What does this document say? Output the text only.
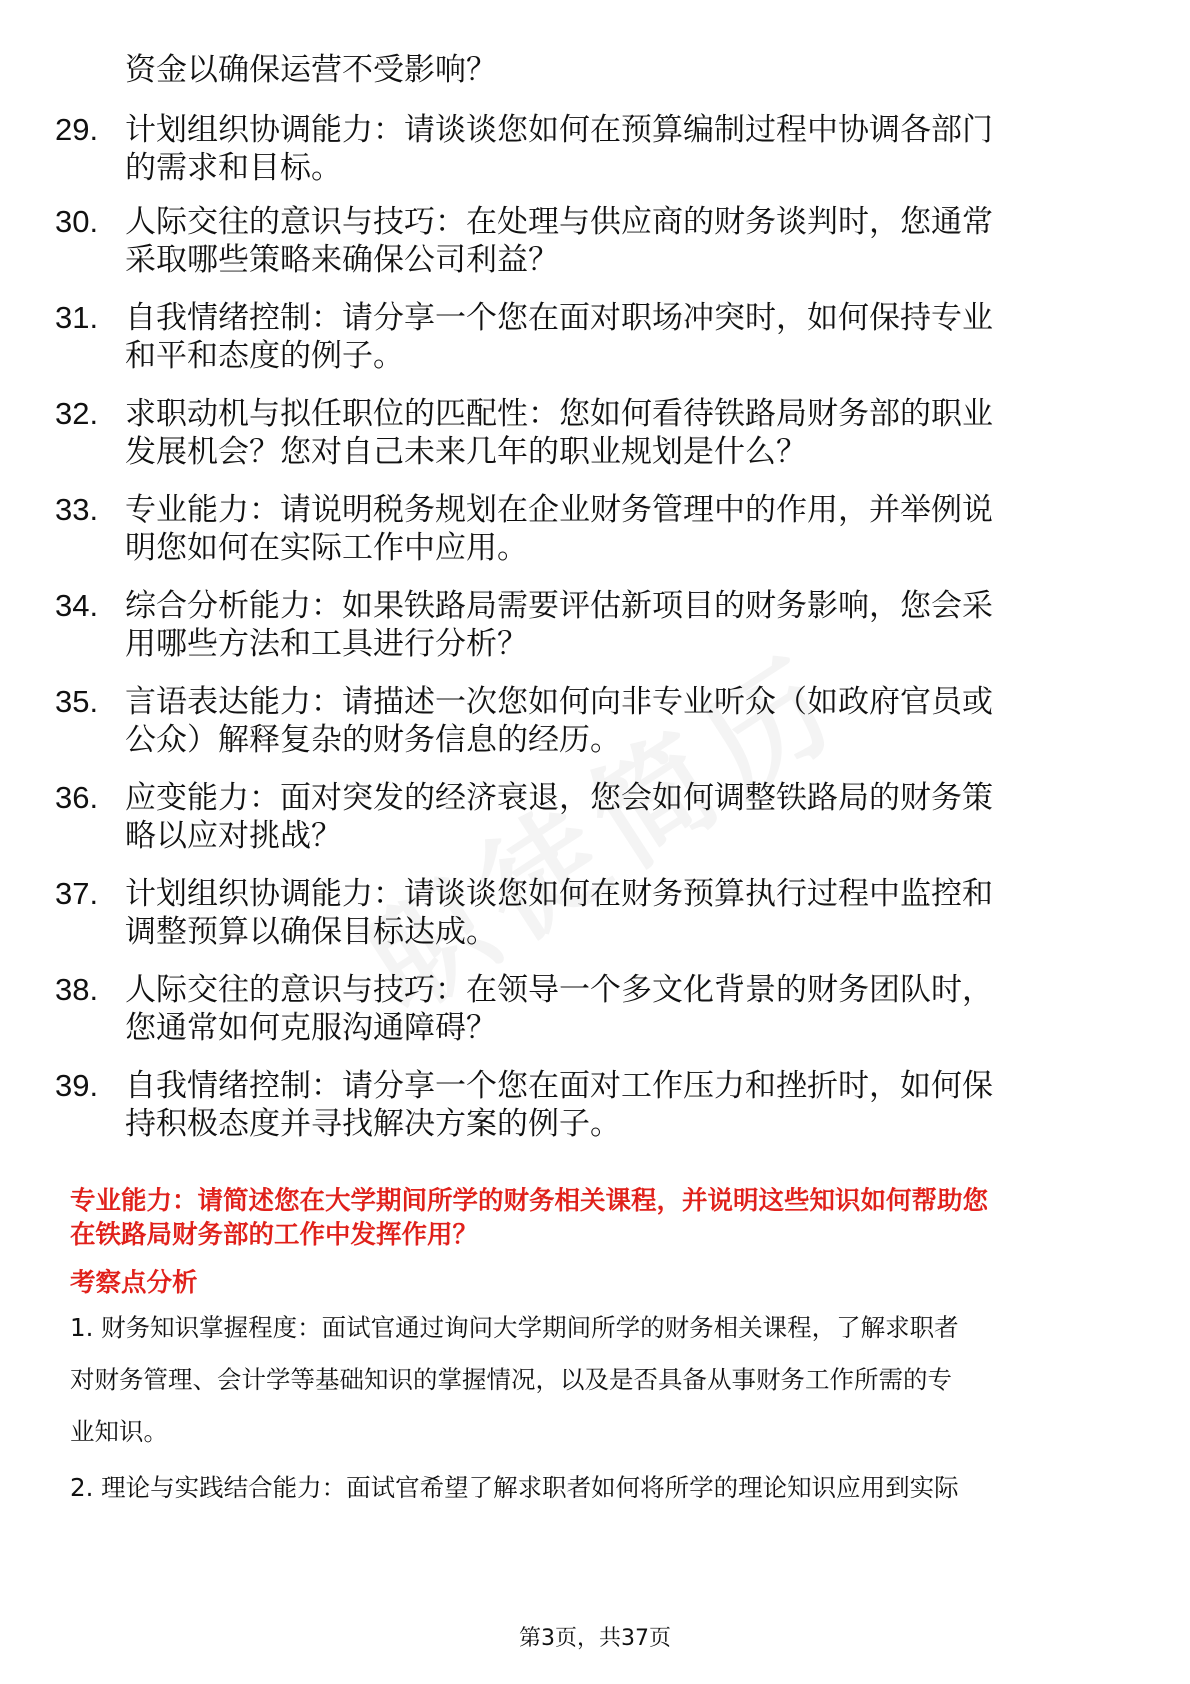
资金以确保运营不受影响？
29. 计划组织协调能力：请谈谈您如何在预算编制过程中协调各部门
的需求和目标。
30. 人际交往的意识与技巧：在处理与供应商的财务谈判时，您通常
采取哪些策略来确保公司利益？
31. 自我情绪控制：请分享一个您在面对职场冲突时，如何保持专业
和平和态度的例子。
32. 求职动机与拟任职位的匹配性：您如何看待铁路局财务部的职业
发展机会？您对自己未来几年的职业规划是什么？
33. 专业能力：请说明税务规划在企业财务管理中的作用，并举例说
明您如何在实际工作中应用。
34. 综合分析能力：如果铁路局需要评估新项目的财务影响，您会采
用哪些方法和工具进行分析？
35. 言语表达能力：请描述一次您如何向非专业听众（如政府官员或
公众）解释复杂的财务信息的经历。
36. 应变能力：面对突发的经济衰退，您会如何调整铁路局的财务策
略以应对挑战？
37. 计划组织协调能力：请谈谈您如何在财务预算执行过程中监控和
调整预算以确保目标达成。
38. 人际交往的意识与技巧：在领导一个多文化背景的财务团队时，
您通常如何克服沟通障碍？
39. 自我情绪控制：请分享一个您在面对工作压力和挫折时，如何保
持积极态度并寻找解决方案的例子。
专业能力：请简述您在大学期间所学的财务相关课程，并说明这些知识如何帮助您
在铁路局财务部的工作中发挥作用？
考察点分析
1. 财务知识掌握程度：面试官通过询问大学期间所学的财务相关课程，了解求职者
对财务管理、会计学等基础知识的掌握情况，以及是否具备从事财务工作所需的专
业知识。
2. 理论与实践结合能力：面试官希望了解求职者如何将所学的理论知识应用到实际
第3页，共37页
